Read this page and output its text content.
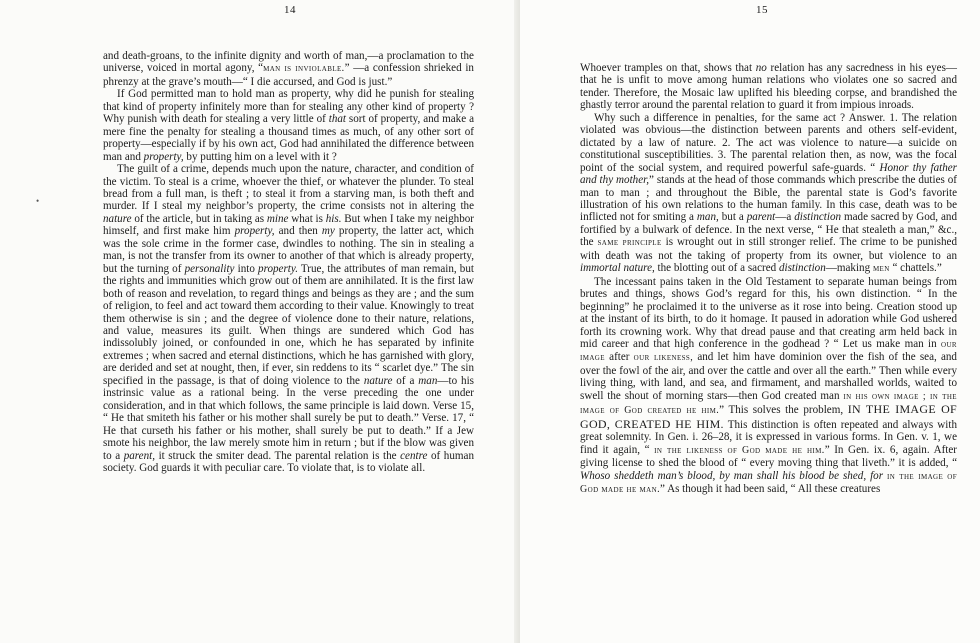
14

and death-groans, to the infinite dignity and worth of man,—a proclamation to the universe, voiced in mortal agony, “man is inviolable.” —a confession shrieked in phrenzy at the grave’s mouth—“ I die accursed, and God is just.”

If God permitted man to hold man as property, why did he punish for stealing that kind of property infinitely more than for stealing any other kind of property ? Why punish with death for stealing a very little of that sort of property, and make a mere fine the penalty for stealing a thousand times as much, of any other sort of property—especially if by his own act, God had annihilated the difference between man and property, by putting him on a level with it ?

The guilt of a crime, depends much upon the nature, character, and condition of the victim. To steal is a crime, whoever the thief, or whatever the plunder. To steal bread from a full man, is theft ; to steal it from a starving man, is both theft and murder. If I steal my neighbor’s property, the crime consists not in altering the nature of the article, but in taking as mine what is his. But when I take my neighbor himself, and first make him property, and then my property, the latter act, which was the sole crime in the former case, dwindles to nothing. The sin in stealing a man, is not the transfer from its owner to another of that which is already property, but the turning of personality into property. True, the attributes of man remain, but the rights and immunities which grow out of them are annihilated. It is the first law both of reason and revelation, to regard things and beings as they are ; and the sum of religion, to feel and act toward them according to their value. Knowingly to treat them otherwise is sin ; and the degree of violence done to their nature, relations, and value, measures its guilt. When things are sundered which God has indissolubly joined, or confounded in one, which he has separated by infinite extremes ; when sacred and eternal distinctions, which he has garnished with glory, are derided and set at nought, then, if ever, sin reddens to its “ scarlet dye.” The sin specified in the passage, is that of doing violence to the nature of a man—to his instrinsic value as a rational being. In the verse preceding the one under consideration, and in that which follows, the same principle is laid down. Verse 15, “ He that smiteth his father or his mother shall surely be put to death.” Verse. 17, “ He that curseth his father or his mother, shall surely be put to death.” If a Jew smote his neighbor, the law merely smote him in return ; but if the blow was given to a parent, it struck the smiter dead. The parental relation is the centre of human society. God guards it with peculiar care. To violate that, is to violate all.

•
15

Whoever tramples on that, shows that no relation has any sacredness in his eyes—that he is unfit to move among human relations who violates one so sacred and tender. Therefore, the Mosaic law uplifted his bleeding corpse, and brandished the ghastly terror around the parental relation to guard it from impious inroads.

Why such a difference in penalties, for the same act ? Answer. 1. The relation violated was obvious—the distinction between parents and others self-evident, dictated by a law of nature. 2. The act was violence to nature—a suicide on constitutional susceptibilities. 3. The parental relation then, as now, was the focal point of the social system, and required powerful safe-guards. “ Honor thy father and thy mother,” stands at the head of those commands which prescribe the duties of man to man ; and throughout the Bible, the parental state is God’s favorite illustration of his own relations to the human family. In this case, death was to be inflicted not for smiting a man, but a parent—a distinction made sacred by God, and fortified by a bulwark of defence. In the next verse, “ He that stealeth a man,” &c., the same principle is wrought out in still stronger relief. The crime to be punished with death was not the taking of property from its owner, but violence to an immortal nature, the blotting out of a sacred distinction—making men “ chattels.”

The incessant pains taken in the Old Testament to separate human beings from brutes and things, shows God’s regard for this, his own distinction. “ In the beginning” he proclaimed it to the universe as it rose into being. Creation stood up at the instant of its birth, to do it homage. It paused in adoration while God ushered forth its crowning work. Why that dread pause and that creating arm held back in mid career and that high conference in the godhead ? “ Let us make man in our image after our likeness, and let him have dominion over the fish of the sea, and over the fowl of the air, and over the cattle and over all the earth.” Then while every living thing, with land, and sea, and firmament, and marshalled worlds, waited to swell the shout of morning stars—then God created man in his own image ; in the image of God created he him.” This solves the problem, IN THE IMAGE OF GOD, CREATED HE HIM. This distinction is often repeated and always with great solemnity. In Gen. i. 26–28, it is expressed in various forms. In Gen. v. 1, we find it again, “ in the likeness of God made he him.” In Gen. ix. 6, again. After giving license to shed the blood of “ every moving thing that liveth.” it is added, “ Whoso sheddeth man’s blood, by man shall his blood be shed, for in the image of God made he man.” As though it had been said, “ All these creatures
